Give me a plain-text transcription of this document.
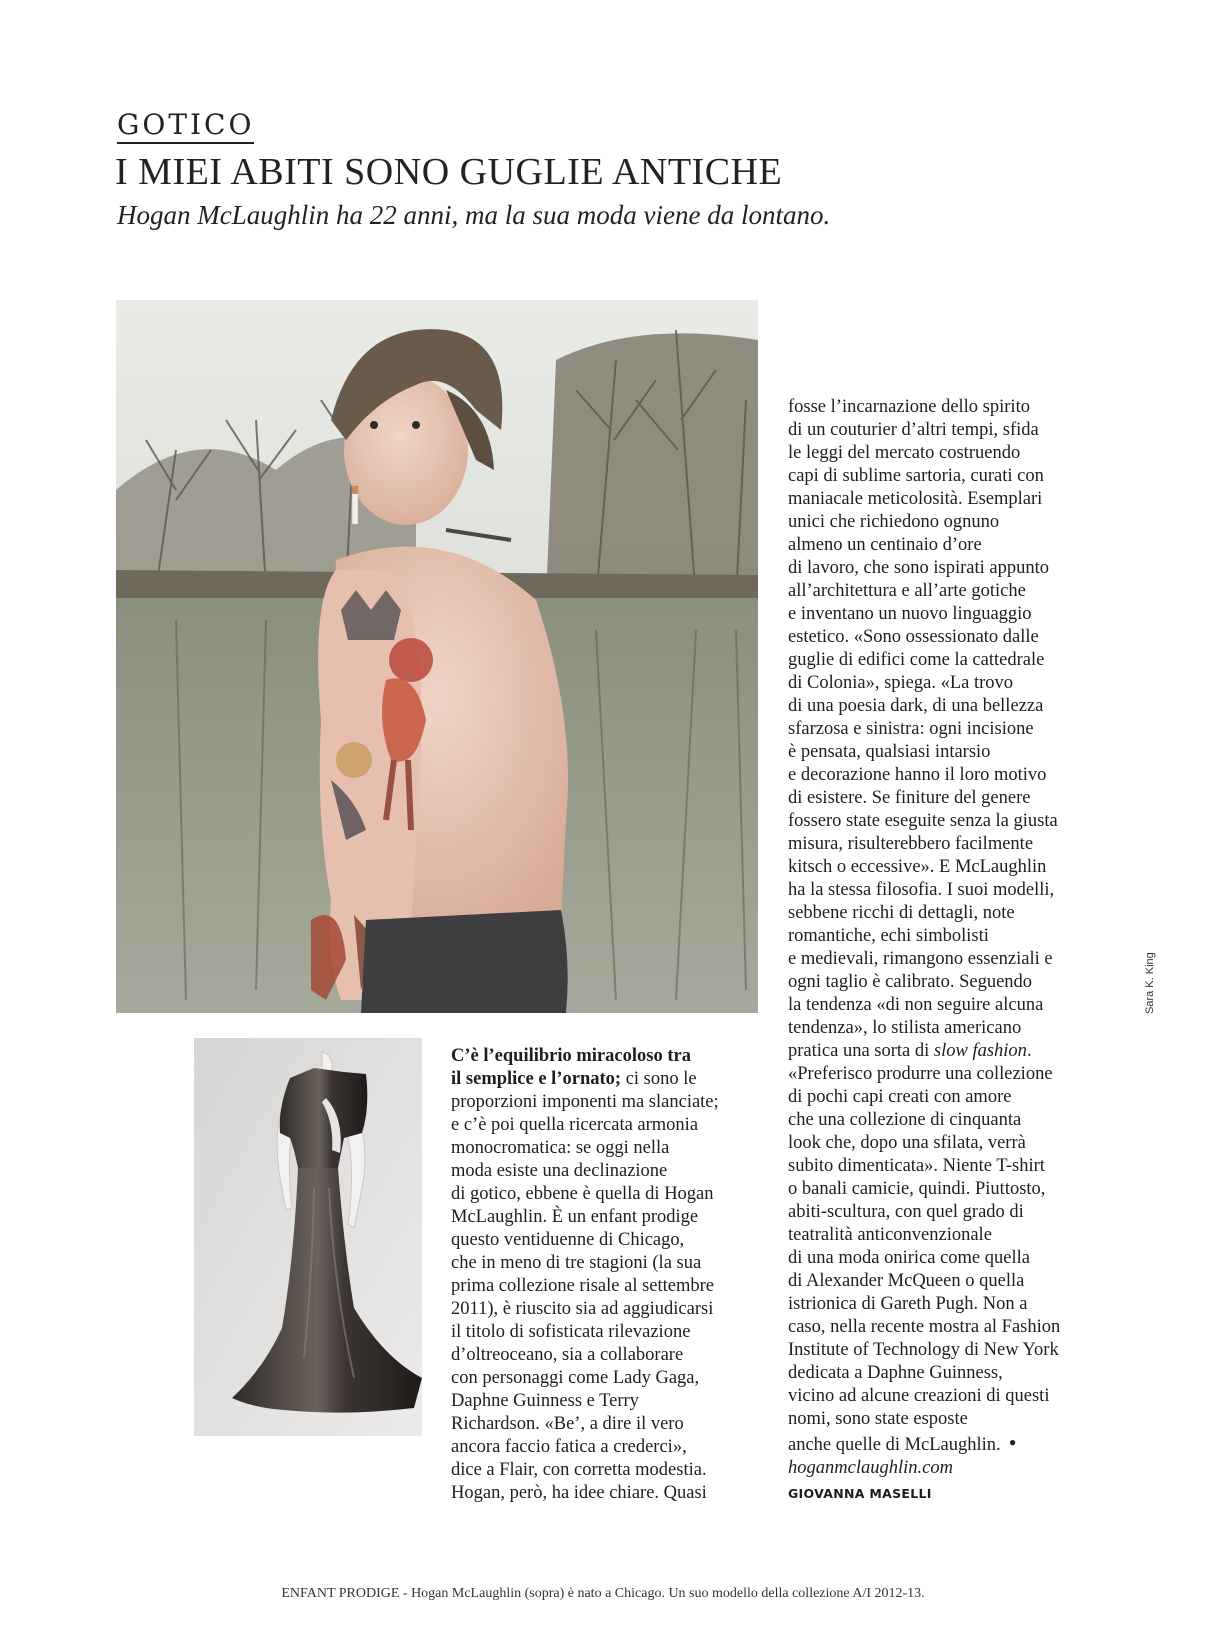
GOTICO
I MIEI ABITI SONO GUGLIE ANTICHE
Hogan McLaughlin ha 22 anni, ma la sua moda viene da lontano.
C’è l’equilibrio miracoloso tra
il semplice e l’ornato; ci sono le
proporzioni imponenti ma slanciate;
e c’è poi quella ricercata armonia
monocromatica: se oggi nella
moda esiste una declinazione
di gotico, ebbene è quella di Hogan
McLaughlin. È un enfant prodige
questo ventiduenne di Chicago,
che in meno di tre stagioni (la sua
prima collezione risale al settembre
2011), è riuscito sia ad aggiudicarsi
il titolo di sofisticata rilevazione
d’oltreoceano, sia a collaborare
con personaggi come Lady Gaga,
Daphne Guinness e Terry
Richardson. «Be’, a dire il vero
ancora faccio fatica a crederci»,
dice a Flair, con corretta modestia.
Hogan, però, ha idee chiare. Quasi
Sara K. King
ENFANT PRODIGE - Hogan McLaughlin (sopra) è nato a Chicago. Un suo modello della collezione A/I 2012-13.
fosse l’incarnazione dello spirito
di un couturier d’altri tempi, sfida
le leggi del mercato costruendo
capi di sublime sartoria, curati con
maniacale meticolosità. Esemplari
unici che richiedono ognuno
almeno un centinaio d’ore
di lavoro, che sono ispirati appunto
all’architettura e all’arte gotiche
e inventano un nuovo linguaggio
estetico. «Sono ossessionato dalle
guglie di edifici come la cattedrale
di Colonia», spiega. «La trovo
di una poesia dark, di una bellezza
sfarzosa e sinistra: ogni incisione
è pensata, qualsiasi intarsio
e decorazione hanno il loro motivo
di esistere. Se finiture del genere
fossero state eseguite senza la giusta
misura, risulterebbero facilmente
kitsch o eccessive». E McLaughlin
ha la stessa filosofia. I suoi modelli,
sebbene ricchi di dettagli, note
romantiche, echi simbolisti
e medievali, rimangono essenziali e
ogni taglio è calibrato. Seguendo
la tendenza «di non seguire alcuna
tendenza», lo stilista americano
pratica una sorta di slow fashion.
«Preferisco produrre una collezione
di pochi capi creati con amore
che una collezione di cinquanta
look che, dopo una sfilata, verrà
subito dimenticata». Niente T-shirt
o banali camicie, quindi. Piuttosto,
abiti-scultura, con quel grado di
teatralità anticonvenzionale
di una moda onirica come quella
di Alexander McQueen o quella
istrionica di Gareth Pugh. Non a
caso, nella recente mostra al Fashion
Institute of Technology di New York
dedicata a Daphne Guinness,
vicino ad alcune creazioni di questi
nomi, sono state esposte
anche quelle di McLaughlin. •
hoganmclaughlin.com
GIOVANNA MASELLI
